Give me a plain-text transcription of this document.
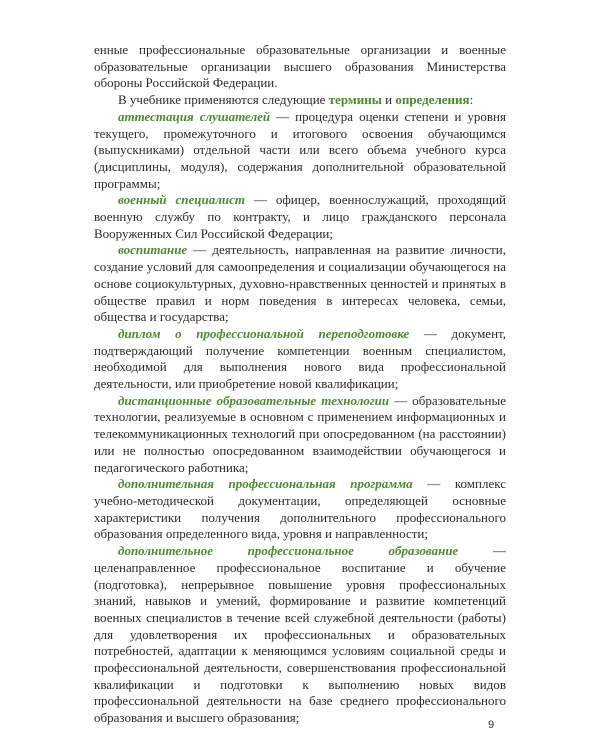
енные профессиональные образовательные организации и военные образовательные организации высшего образования Министерства обороны Российской Федерации.

В учебнике применяются следующие термины и определения:

аттестация слушателей — процедура оценки степени и уровня текущего, промежуточного и итогового освоения обучающимся (выпускниками) отдельной части или всего объема учебного курса (дисциплины, модуля), содержания дополнительной образовательной программы;

военный специалист — офицер, военнослужащий, проходящий военную службу по контракту, и лицо гражданского персонала Вооруженных Сил Российской Федерации;

воспитание — деятельность, направленная на развитие личности, создание условий для самоопределения и социализации обучающегося на основе социокультурных, духовно-нравственных ценностей и принятых в обществе правил и норм поведения в интересах человека, семьи, общества и государства;

диплом о профессиональной переподготовке — документ, подтверждающий получение компетенции военным специалистом, необходимой для выполнения нового вида профессиональной деятельности, или приобретение новой квалификации;

дистанционные образовательные технологии — образовательные технологии, реализуемые в основном с применением информационных и телекоммуникационных технологий при опосредованном (на расстоянии) или не полностью опосредованном взаимодействии обучающегося и педагогического работника;

дополнительная профессиональная программа — комплекс учебно-методической документации, определяющей основные характеристики получения дополнительного профессионального образования определенного вида, уровня и направленности;

дополнительное профессиональное образование — целенаправленное профессиональное воспитание и обучение (подготовка), непрерывное повышение уровня профессиональных знаний, навыков и умений, формирование и развитие компетенций военных специалистов в течение всей служебной деятельности (работы) для удовлетворения их профессиональных и образовательных потребностей, адаптации к меняющимся условиям социальной среды и профессиональной деятельности, совершенствования профессиональной квалификации и подготовки к выполнению новых видов профессиональной деятельности на базе среднего профессионального образования и высшего образования;	9
